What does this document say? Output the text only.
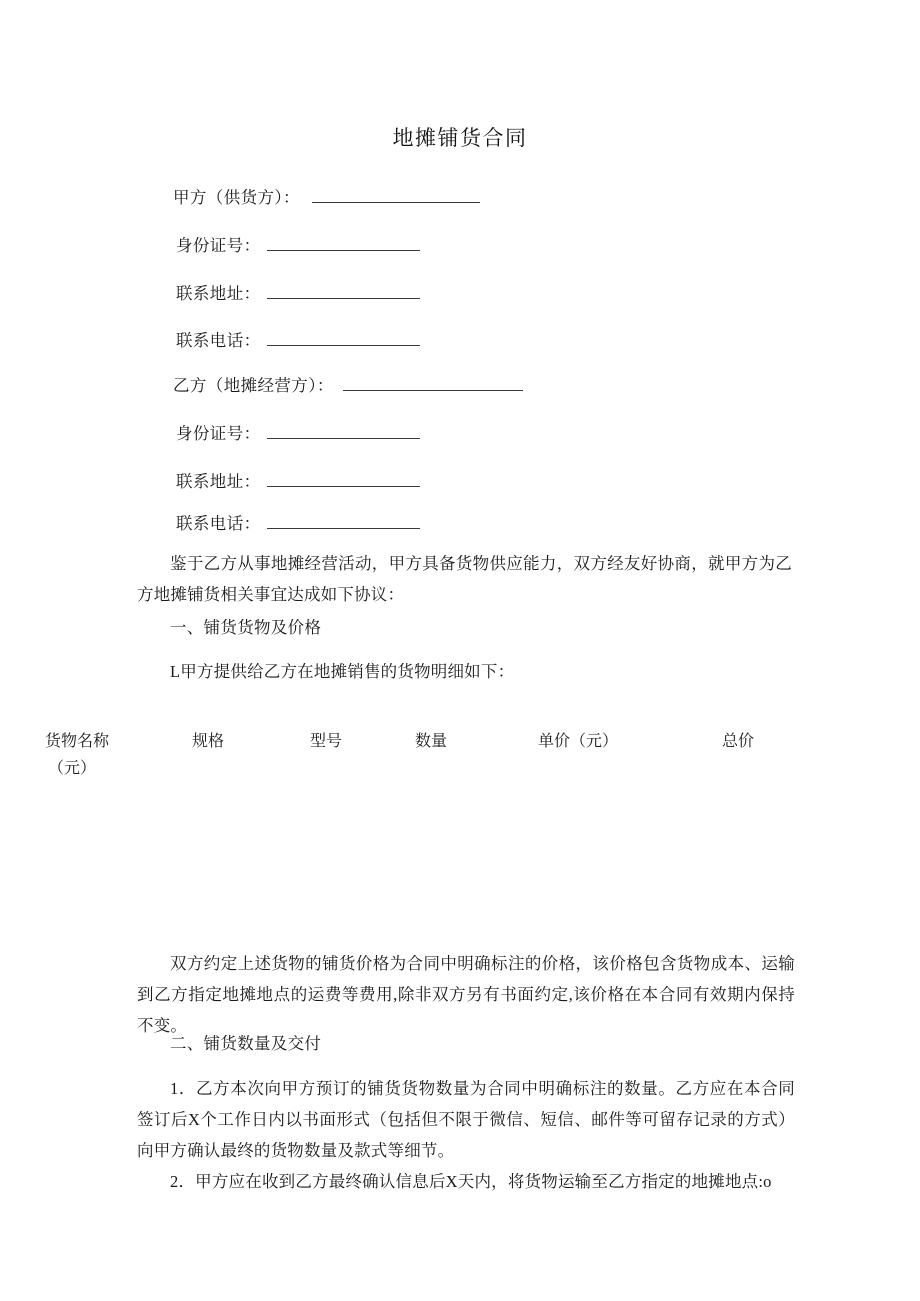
地摊铺货合同
甲方（供货方）：
身份证号：
联系地址：
联系电话：
乙方（地摊经营方）：
身份证号：
联系地址：
联系电话：
鉴于乙方从事地摊经营活动，甲方具备货物供应能力，双方经友好协商，就甲方为乙方地摊铺货相关事宜达成如下协议：
一、铺货货物及价格
L甲方提供给乙方在地摊销售的货物明细如下：
货物名称	规格	型号	数量	单价（元）	总价
（元）
双方约定上述货物的铺货价格为合同中明确标注的价格，该价格包含货物成本、运输到乙方指定地摊地点的运费等费用,除非双方另有书面约定,该价格在本合同有效期内保持不变。
二、铺货数量及交付
1．乙方本次向甲方预订的铺货货物数量为合同中明确标注的数量。乙方应在本合同签订后X个工作日内以书面形式（包括但不限于微信、短信、邮件等可留存记录的方式）向甲方确认最终的货物数量及款式等细节。
2．甲方应在收到乙方最终确认信息后X天内，将货物运输至乙方指定的地摊地点:o
